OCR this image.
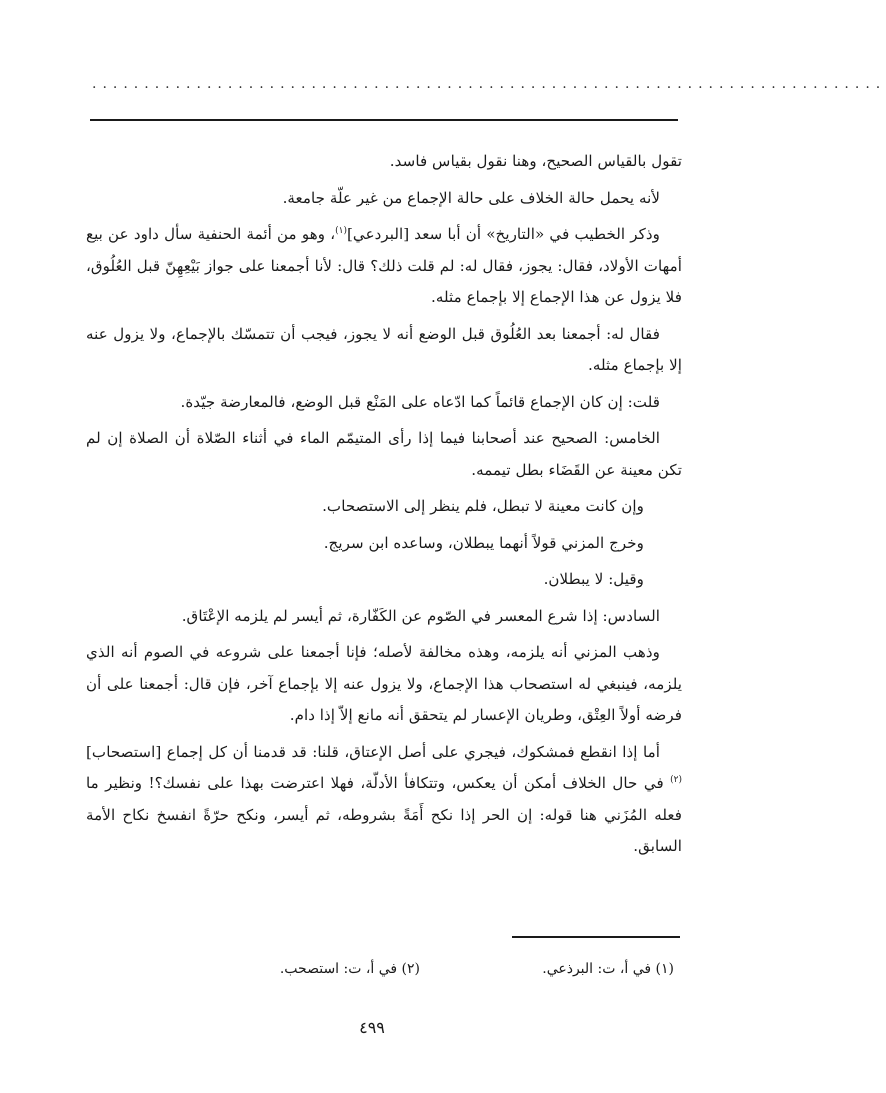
............................................................................

تقول بالقياس الصحيح، وهنا نقول بقياس فاسد.

لأنه يحمل حالة الخلاف على حالة الإجماع من غير علّة جامعة.

وذكر الخطيب في «التاريخ» أن أبا سعد [البردعي]$^{(١)}$، وهو من أئمة الحنفية سأل داود عن بيع أمهات الأولاد، فقال: يجوز، فقال له: لم قلت ذلك؟ قال: لأنا أجمعنا على جواز بَيْعِهِنّ قبل العُلُوق، فلا يزول عن هذا الإجماع إلا بإجماع مثله.

فقال له: أجمعنا بعد العُلُوق قبل الوضع أنه لا يجوز، فيجب أن تتمسّك بالإجماع، ولا يزول عنه إلا بإجماع مثله.

قلت: إن كان الإجماع قائماً كما ادّعاه على المَنْع قبل الوضع، فالمعارضة جيّدة.

الخامس: الصحيح عند أصحابنا فيما إذا رأى المتيمّم الماء في أثناء الصّلاة أن الصلاة إن لم تكن معينة عن القَضَاء بطل تيممه.

وإن كانت معينة لا تبطل، فلم ينظر إلى الاستصحاب.

وخرج المزني قولاً أنهما يبطلان، وساعده ابن سريج.

وقيل: لا يبطلان.

السادس: إذا شرع المعسر في الصّوم عن الكَفّارة، ثم أيسر لم يلزمه الإعْتَاق.

وذهب المزني أنه يلزمه، وهذه مخالفة لأصله؛ فإنا أجمعنا على شروعه في الصوم أنه الذي يلزمه، فينبغي له استصحاب هذا الإجماع، ولا يزول عنه إلا بإجماع آخر، فإن قال: أجمعنا على أن فرضه أولاً العِتْق، وطريان الإعسار لم يتحقق أنه مانع إلاّ إذا دام.

أما إذا انقطع فمشكوك، فيجري على أصل الإعتاق، قلنا: قد قدمنا أن كل إجماع [استصحاب]$^{(٢)}$ في حال الخلاف أمكن أن يعكس، وتتكافأ الأدلّة، فهلا اعترضت بهذا على نفسك؟! ونظير ما فعله المُزَني هنا قوله: إن الحر إذا نكح أَمَةً بشروطه، ثم أيسر، ونكح حرّةً انفسخ نكاح الأمة السابق.

(١) في أ، ت: البرذعي.
(٢) في أ، ت: استصحب.
٤٩٩
